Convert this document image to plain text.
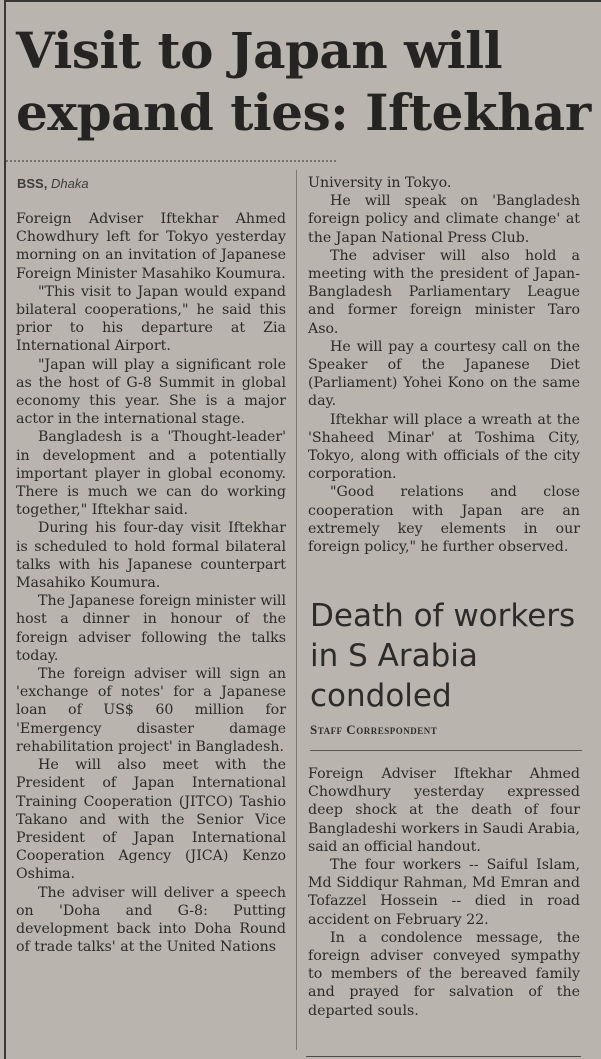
Visit to Japan will expand ties: Iftekhar
BSS, Dhaka

Foreign Adviser Iftekhar Ahmed Chowdhury left for Tokyo yesterday morning on an invitation of Japanese Foreign Minister Masahiko Koumura.

"This visit to Japan would expand bilateral cooperations," he said this prior to his departure at Zia International Airport.

"Japan will play a significant role as the host of G-8 Summit in global economy this year. She is a major actor in the international stage.

Bangladesh is a 'Thought-leader' in development and a potentially important player in global economy. There is much we can do working together," Iftekhar said.

During his four-day visit Iftekhar is scheduled to hold formal bilateral talks with his Japanese counterpart Masahiko Koumura.

The Japanese foreign minister will host a dinner in honour of the foreign adviser following the talks today.

The foreign adviser will sign an 'exchange of notes' for a Japanese loan of US$ 60 million for 'Emergency disaster damage rehabilitation project' in Bangladesh.

He will also meet with the President of Japan International Training Cooperation (JITCO) Tashio Takano and with the Senior Vice President of Japan International Cooperation Agency (JICA) Kenzo Oshima.

The adviser will deliver a speech on 'Doha and G-8: Putting development back into Doha Round of trade talks' at the United Nations

University in Tokyo.

He will speak on 'Bangladesh foreign policy and climate change' at the Japan National Press Club.

The adviser will also hold a meeting with the president of Japan-Bangladesh Parliamentary League and former foreign minister Taro Aso.

He will pay a courtesy call on the Speaker of the Japanese Diet (Parliament) Yohei Kono on the same day.

Iftekhar will place a wreath at the 'Shaheed Minar' at Toshima City, Tokyo, along with officials of the city corporation.

"Good relations and close cooperation with Japan are an extremely key elements in our foreign policy," he further observed.

Death of workers in S Arabia condoled
Staff Correspondent

Foreign Adviser Iftekhar Ahmed Chowdhury yesterday expressed deep shock at the death of four Bangladeshi workers in Saudi Arabia, said an official handout.

The four workers -- Saiful Islam, Md Siddiqur Rahman, Md Emran and Tofazzel Hossein -- died in road accident on February 22.

In a condolence message, the foreign adviser conveyed sympathy to members of the bereaved family and prayed for salvation of the departed souls.
